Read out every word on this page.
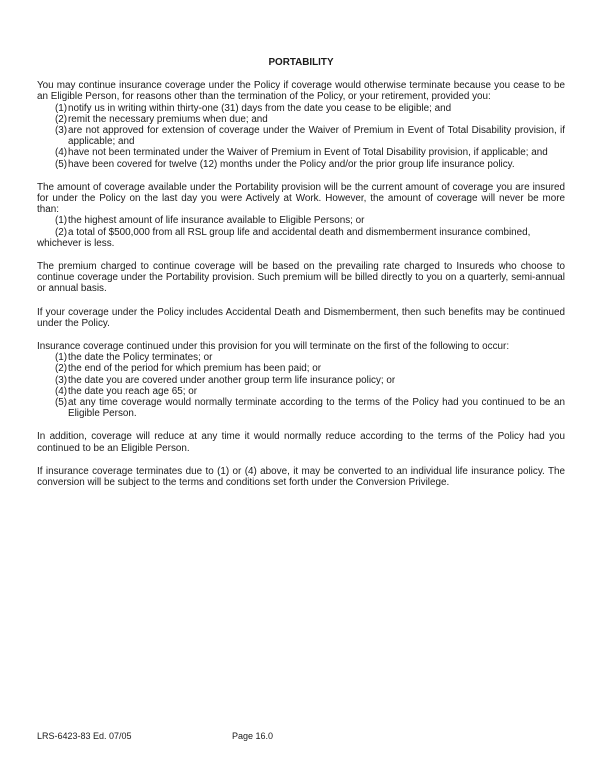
PORTABILITY
You may continue insurance coverage under the Policy if coverage would otherwise terminate because you cease to be an Eligible Person, for reasons other than the termination of the Policy, or your retirement, provided you:
(1) notify us in writing within thirty-one (31) days from the date you cease to be eligible; and
(2) remit the necessary premiums when due; and
(3) are not approved for extension of coverage under the Waiver of Premium in Event of Total Disability provision, if applicable; and
(4) have not been terminated under the Waiver of Premium in Event of Total Disability provision, if applicable; and
(5) have been covered for twelve (12) months under the Policy and/or the prior group life insurance policy.
The amount of coverage available under the Portability provision will be the current amount of coverage you are insured for under the Policy on the last day you were Actively at Work. However, the amount of coverage will never be more than:
(1) the highest amount of life insurance available to Eligible Persons; or
(2) a total of $500,000 from all RSL group life and accidental death and dismemberment insurance combined,
whichever is less.
The premium charged to continue coverage will be based on the prevailing rate charged to Insureds who choose to continue coverage under the Portability provision. Such premium will be billed directly to you on a quarterly, semi-annual or annual basis.
If your coverage under the Policy includes Accidental Death and Dismemberment, then such benefits may be continued under the Policy.
Insurance coverage continued under this provision for you will terminate on the first of the following to occur:
(1) the date the Policy terminates; or
(2) the end of the period for which premium has been paid; or
(3) the date you are covered under another group term life insurance policy; or
(4) the date you reach age 65; or
(5) at any time coverage would normally terminate according to the terms of the Policy had you continued to be an Eligible Person.
In addition, coverage will reduce at any time it would normally reduce according to the terms of the Policy had you continued to be an Eligible Person.
If insurance coverage terminates due to (1) or (4) above, it may be converted to an individual life insurance policy. The conversion will be subject to the terms and conditions set forth under the Conversion Privilege.
LRS-6423-83 Ed. 07/05	Page 16.0
